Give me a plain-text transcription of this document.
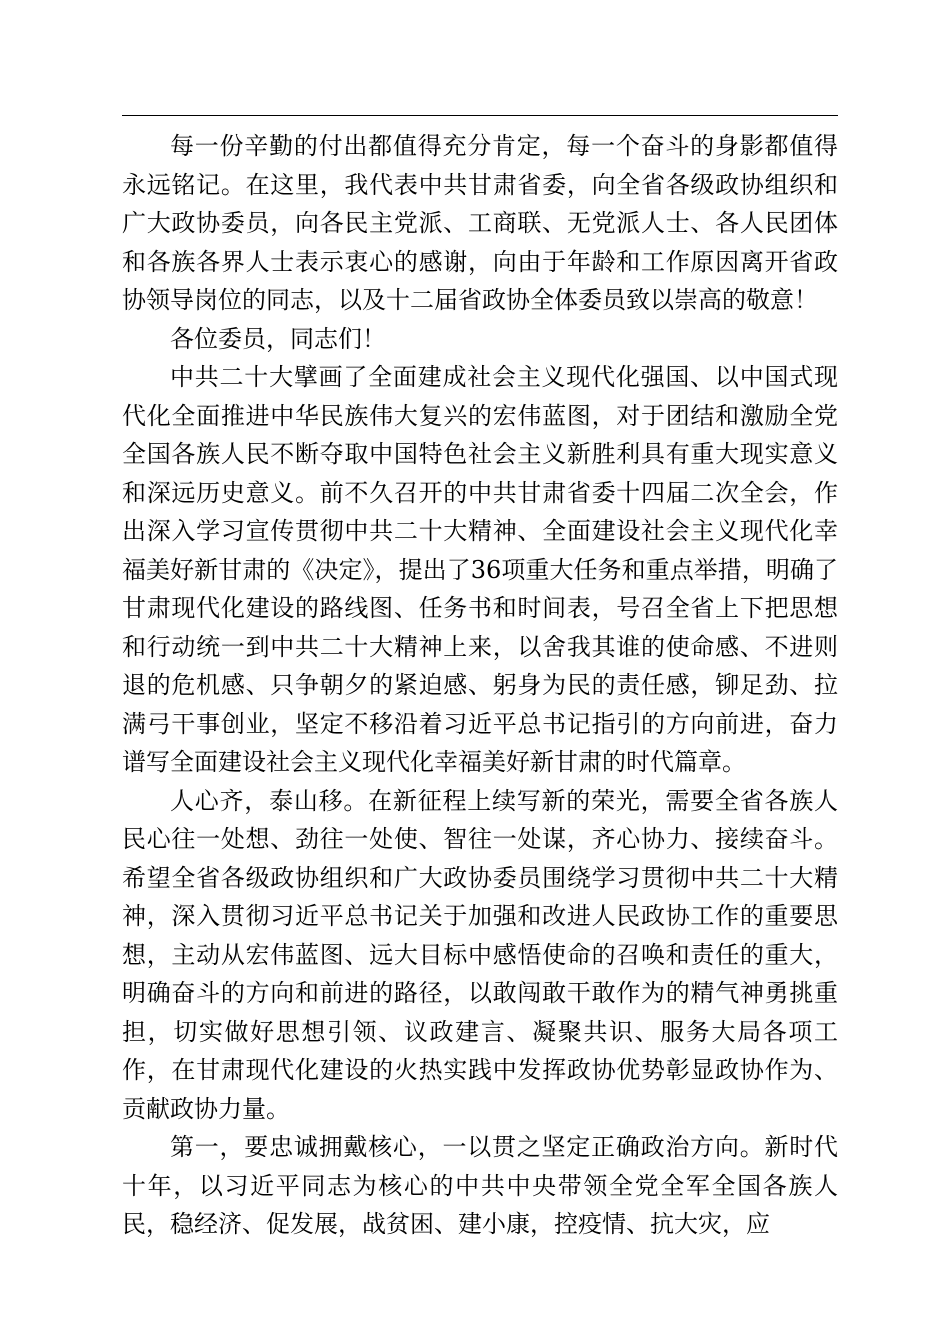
每一份辛勤的付出都值得充分肯定，每一个奋斗的身影都值得永远铭记。在这里，我代表中共甘肃省委，向全省各级政协组织和广大政协委员，向各民主党派、工商联、无党派人士、各人民团体和各族各界人士表示衷心的感谢，向由于年龄和工作原因离开省政协领导岗位的同志，以及十二届省政协全体委员致以崇高的敬意！

各位委员，同志们！

中共二十大擘画了全面建成社会主义现代化强国、以中国式现代化全面推进中华民族伟大复兴的宏伟蓝图，对于团结和激励全党全国各族人民不断夺取中国特色社会主义新胜利具有重大现实意义和深远历史意义。前不久召开的中共甘肃省委十四届二次全会，作出深入学习宣传贯彻中共二十大精神、全面建设社会主义现代化幸福美好新甘肃的《决定》，提出了36项重大任务和重点举措，明确了甘肃现代化建设的路线图、任务书和时间表，号召全省上下把思想和行动统一到中共二十大精神上来，以舍我其谁的使命感、不进则退的危机感、只争朝夕的紧迫感、躬身为民的责任感，铆足劲、拉满弓干事创业，坚定不移沿着习近平总书记指引的方向前进，奋力谱写全面建设社会主义现代化幸福美好新甘肃的时代篇章。

人心齐，泰山移。在新征程上续写新的荣光，需要全省各族人民心往一处想、劲往一处使、智往一处谋，齐心协力、接续奋斗。希望全省各级政协组织和广大政协委员围绕学习贯彻中共二十大精神，深入贯彻习近平总书记关于加强和改进人民政协工作的重要思想，主动从宏伟蓝图、远大目标中感悟使命的召唤和责任的重大，明确奋斗的方向和前进的路径，以敢闯敢干敢作为的精气神勇挑重担，切实做好思想引领、议政建言、凝聚共识、服务大局各项工作，在甘肃现代化建设的火热实践中发挥政协优势彰显政协作为、贡献政协力量。

第一，要忠诚拥戴核心，一以贯之坚定正确政治方向。新时代十年，以习近平同志为核心的中共中央带领全党全军全国各族人民，稳经济、促发展，战贫困、建小康，控疫情、抗大灾，应
